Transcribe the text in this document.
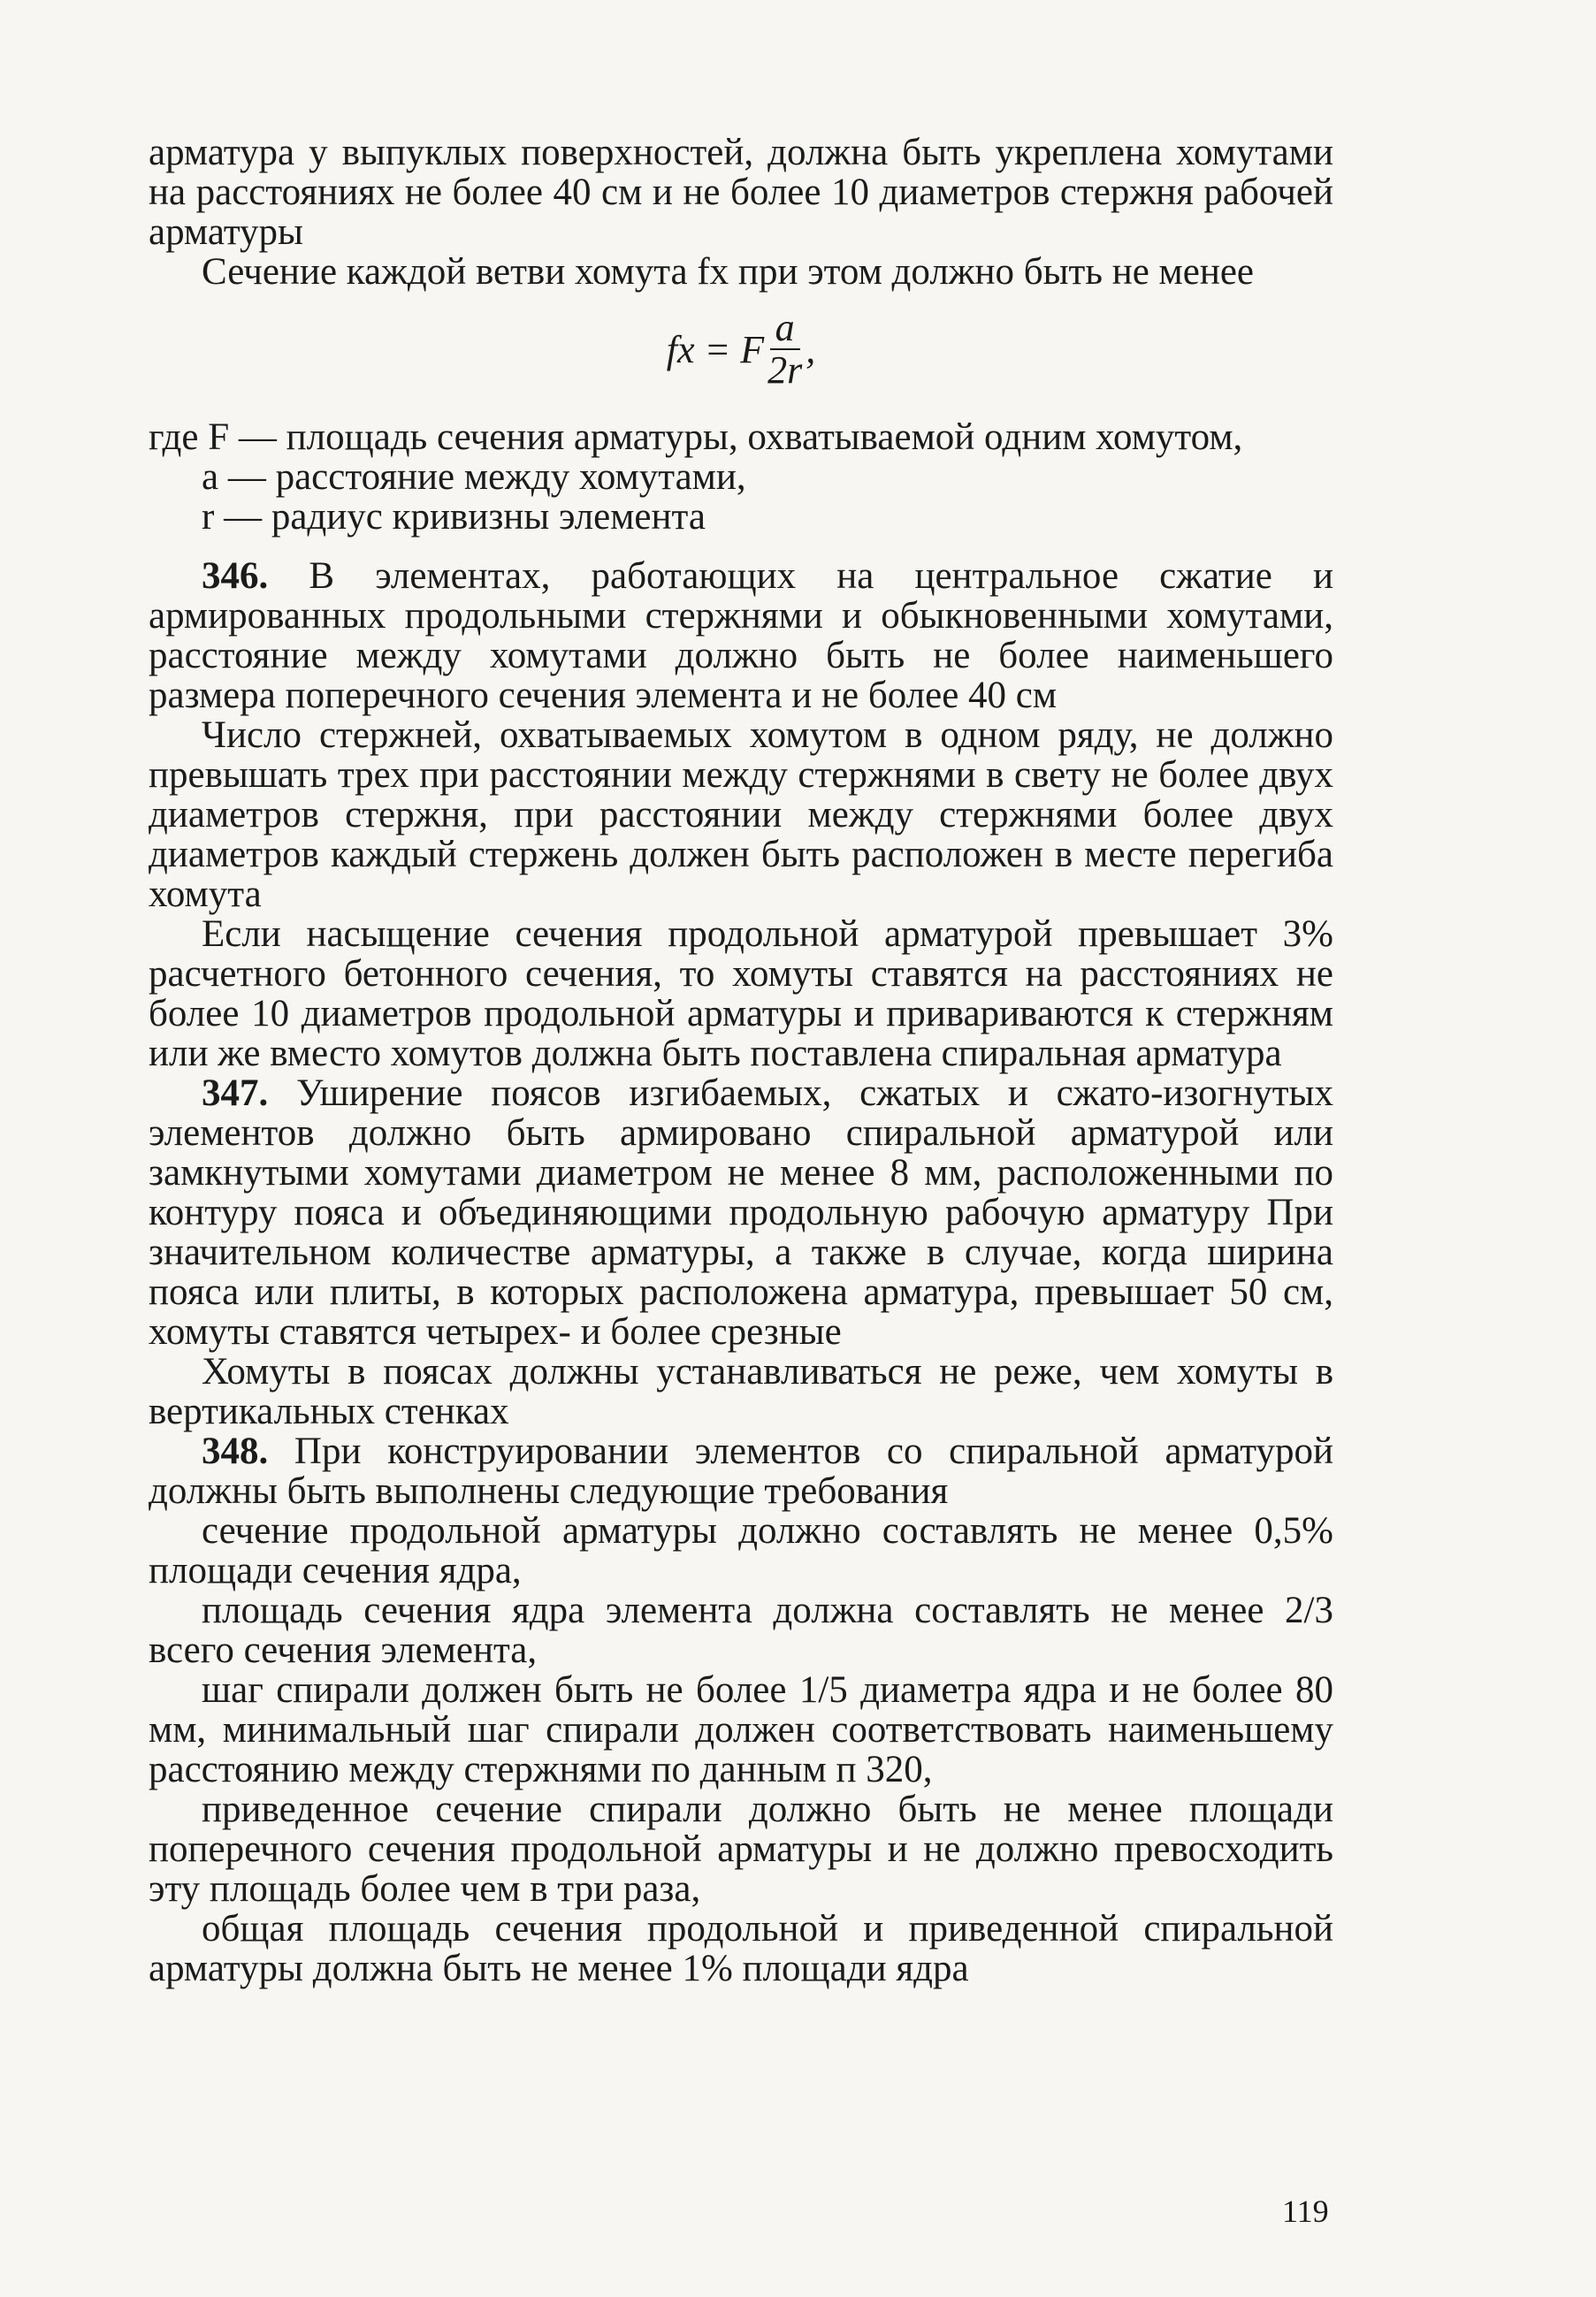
арматура у выпуклых поверхностей, должна быть укреплена хомутами на расстояниях не более 40 см и не более 10 диаметров стержня рабочей арматуры

Сечение каждой ветви хомута fx при этом должно быть не менее

fx = F $\frac{a}{2r}$ ,

где F — площадь сечения арматуры, охватываемой одним хомутом,

a — расстояние между хомутами,

r — радиус кривизны элемента

346. В элементах, работающих на центральное сжатие и армированных продольными стержнями и обыкновенными хомутами, расстояние между хомутами должно быть не более наименьшего размера поперечного сечения элемента и не более 40 см

Число стержней, охватываемых хомутом в одном ряду, не должно превышать трех при расстоянии между стержнями в свету не более двух диаметров стержня, при расстоянии между стержнями более двух диаметров каждый стержень должен быть расположен в месте перегиба хомута

Если насыщение сечения продольной арматурой превышает 3% расчетного бетонного сечения, то хомуты ставятся на расстояниях не более 10 диаметров продольной арматуры и привариваются к стержням или же вместо хомутов должна быть поставлена спиральная арматура

347. Уширение поясов изгибаемых, сжатых и сжато-изогнутых элементов должно быть армировано спиральной арматурой или замкнутыми хомутами диаметром не менее 8 мм, расположенными по контуру пояса и объединяющими продольную рабочую арматуру При значительном количестве арматуры, а также в случае, когда ширина пояса или плиты, в которых расположена арматура, превышает 50 см, хомуты ставятся четырех- и более срезные

Хомуты в поясах должны устанавливаться не реже, чем хомуты в вертикальных стенках

348. При конструировании элементов со спиральной арматурой должны быть выполнены следующие требования

сечение продольной арматуры должно составлять не менее 0,5% площади сечения ядра,

площадь сечения ядра элемента должна составлять не менее 2/3 всего сечения элемента,

шаг спирали должен быть не более 1/5 диаметра ядра и не более 80 мм, минимальный шаг спирали должен соответствовать наименьшему расстоянию между стержнями по данным п 320,

приведенное сечение спирали должно быть не менее площади поперечного сечения продольной арматуры и не должно превосходить эту площадь более чем в три раза,

общая площадь сечения продольной и приведенной спиральной арматуры должна быть не менее 1% площади ядра

119
